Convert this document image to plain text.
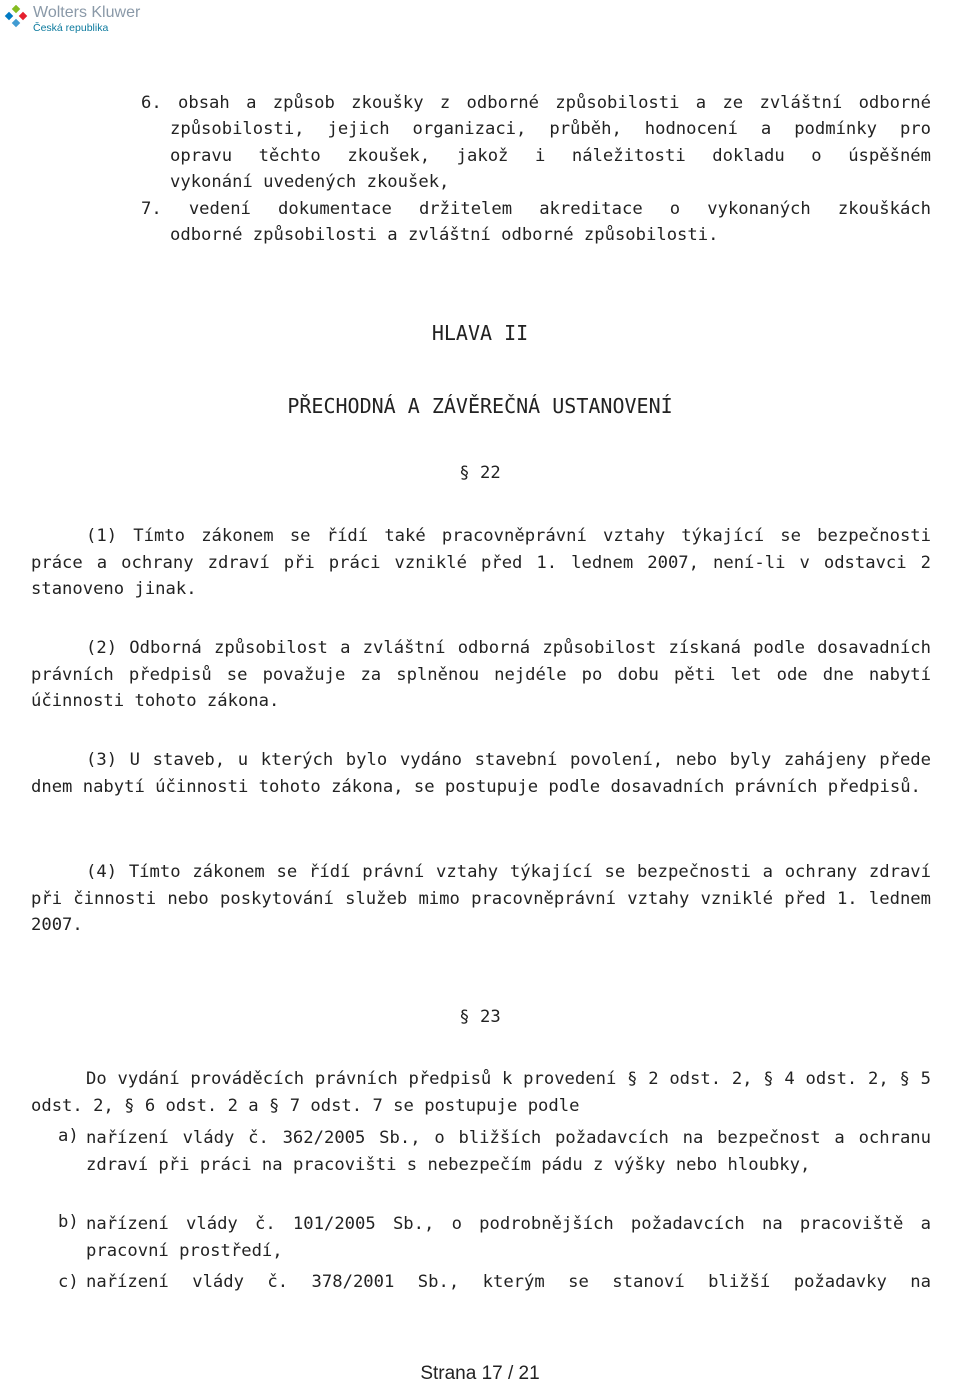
Wolters Kluwer
Česká republika
6. obsah a způsob zkoušky z odborné způsobilosti a ze zvláštní odborné
způsobilosti, jejich organizaci, průběh, hodnocení a podmínky pro
opravu těchto zkoušek, jakož i náležitosti dokladu o úspěšném
vykonání uvedených zkoušek,
7. vedení dokumentace držitelem akreditace o vykonaných zkouškách
odborné způsobilosti a zvláštní odborné způsobilosti.
HLAVA II
PŘECHODNÁ A ZÁVĚREČNÁ USTANOVENÍ
§ 22
(1) Tímto zákonem se řídí také pracovněprávní vztahy týkající se bezpečnosti práce a ochrany zdraví při práci vzniklé před 1. lednem 2007, není-li v odstavci 2 stanoveno jinak.
(2) Odborná způsobilost a zvláštní odborná způsobilost získaná podle dosavadních právních předpisů se považuje za splněnou nejdéle po dobu pěti let ode dne nabytí účinnosti tohoto zákona.
(3) U staveb, u kterých bylo vydáno stavební povolení, nebo byly zahájeny přede dnem nabytí účinnosti tohoto zákona, se postupuje podle dosavadních právních předpisů.
(4) Tímto zákonem se řídí právní vztahy týkající se bezpečnosti a ochrany zdraví při činnosti nebo poskytování služeb mimo pracovněprávní vztahy vzniklé před 1. lednem 2007.
§ 23
Do vydání prováděcích právních předpisů k provedení § 2 odst. 2, § 4 odst. 2, § 5 odst. 2, § 6 odst. 2 a § 7 odst. 7 se postupuje podle
a) nařízení vlády č. 362/2005 Sb., o bližších požadavcích na bezpečnost a ochranu zdraví při práci na pracovišti s nebezpečím pádu z výšky nebo hloubky,
b) nařízení vlády č. 101/2005 Sb., o podrobnějších požadavcích na pracoviště a pracovní prostředí,
c) nařízení vlády č. 378/2001 Sb., kterým se stanoví bližší požadavky na
Strana 17 / 21
